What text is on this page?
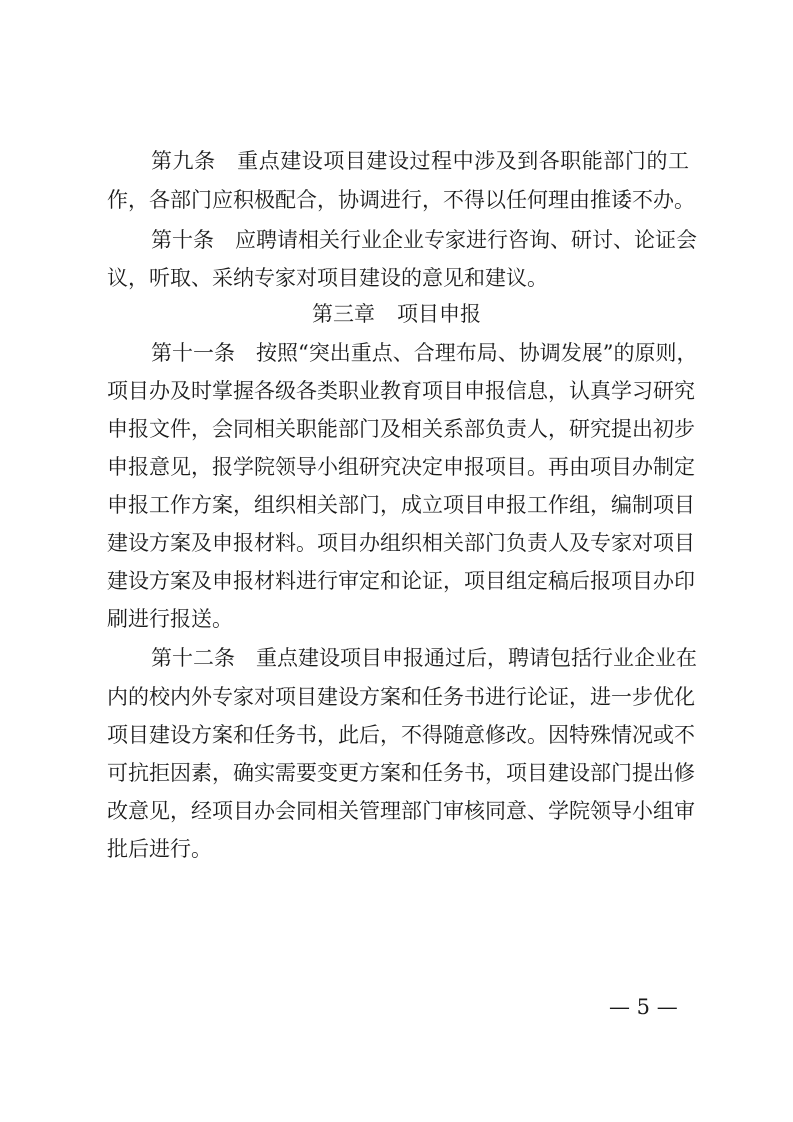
第九条　重点建设项目建设过程中涉及到各职能部门的工
作，各部门应积极配合，协调进行，不得以任何理由推诿不办。
第十条　应聘请相关行业企业专家进行咨询、研讨、论证会
议，听取、采纳专家对项目建设的意见和建议。
第三章 项目申报
第十一条　按照“突出重点、合理布局、协调发展”的原则，
项目办及时掌握各级各类职业教育项目申报信息，认真学习研究
申报文件，会同相关职能部门及相关系部负责人，研究提出初步
申报意见，报学院领导小组研究决定申报项目。再由项目办制定
申报工作方案，组织相关部门，成立项目申报工作组，编制项目
建设方案及申报材料。项目办组织相关部门负责人及专家对项目
建设方案及申报材料进行审定和论证，项目组定稿后报项目办印
刷进行报送。
第十二条　重点建设项目申报通过后，聘请包括行业企业在
内的校内外专家对项目建设方案和任务书进行论证，进一步优化
项目建设方案和任务书，此后，不得随意修改。因特殊情况或不
可抗拒因素，确实需要变更方案和任务书，项目建设部门提出修
改意见，经项目办会同相关管理部门审核同意、学院领导小组审
批后进行。
— 5 —
